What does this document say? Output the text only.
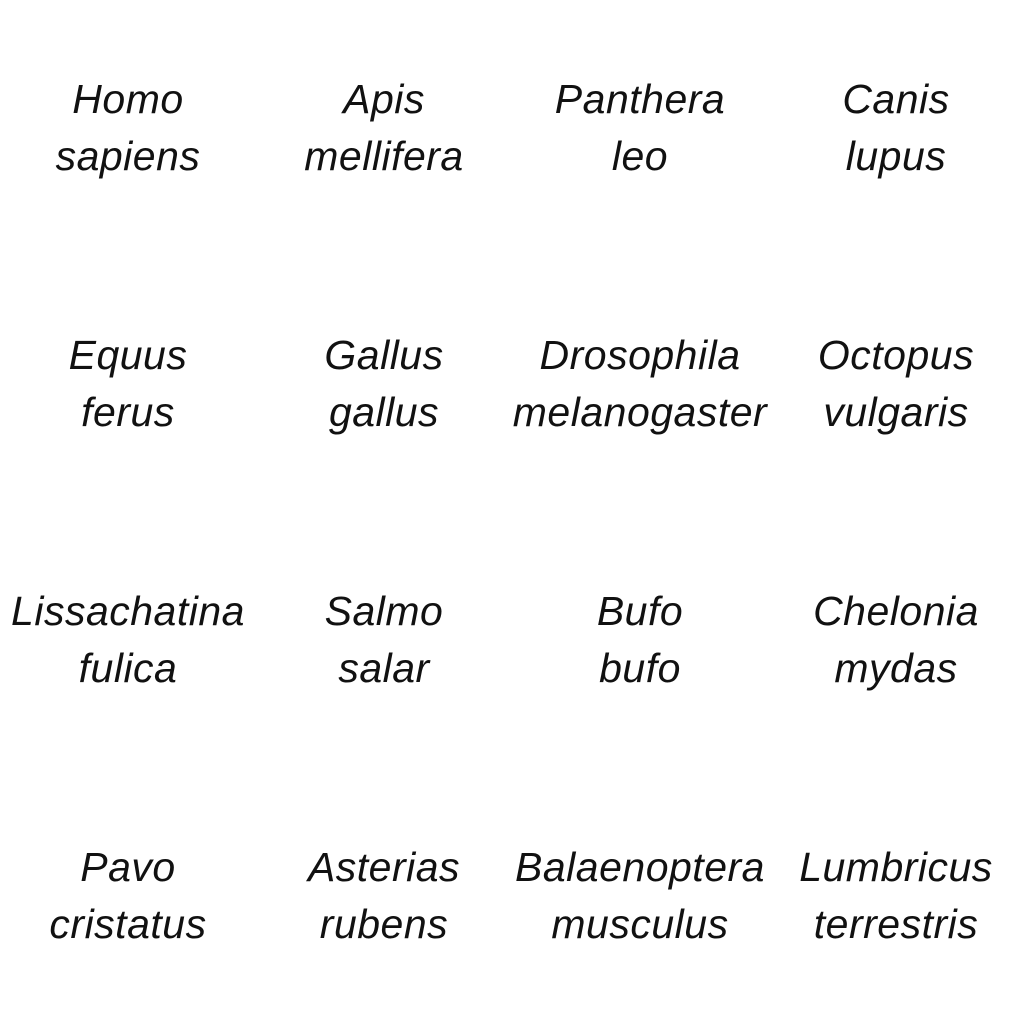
Homo
sapiens
Apis
mellifera
Panthera
leo
Canis
lupus
Equus
ferus
Gallus
gallus
Drosophila
melanogaster
Octopus
vulgaris
Lissachatina
fulica
Salmo
salar
Bufo
bufo
Chelonia
mydas
Pavo
cristatus
Asterias
rubens
Balaenoptera
musculus
Lumbricus
terrestris
